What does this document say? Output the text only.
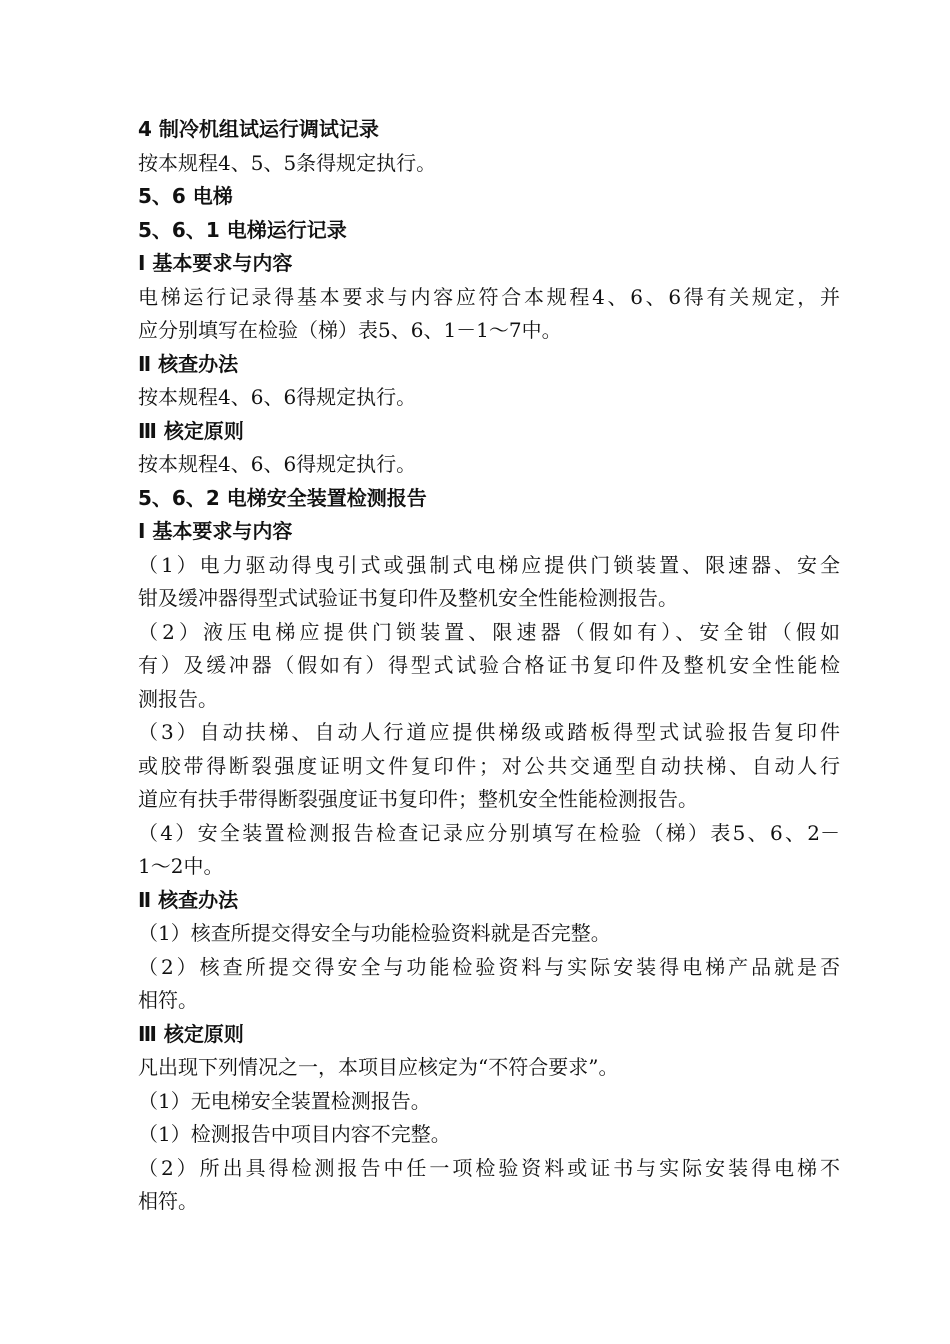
4 制冷机组试运行调试记录
按本规程4、5、5条得规定执行。
5、6 电梯
5、6、1 电梯运行记录
Ⅰ 基本要求与内容
电梯运行记录得基本要求与内容应符合本规程4、6、6得有关规定，并
应分别填写在检验（梯）表5、6、1－1～7中。
Ⅱ 核查办法
按本规程4、6、6得规定执行。
Ⅲ 核定原则
按本规程4、6、6得规定执行。
5、6、2 电梯安全装置检测报告
Ⅰ 基本要求与内容
（1）电力驱动得曳引式或强制式电梯应提供门锁装置、限速器、安全
钳及缓冲器得型式试验证书复印件及整机安全性能检测报告。
（2）液压电梯应提供门锁装置、限速器（假如有）、安全钳（假如
有）及缓冲器（假如有）得型式试验合格证书复印件及整机安全性能检
测报告。
（3）自动扶梯、自动人行道应提供梯级或踏板得型式试验报告复印件
或胶带得断裂强度证明文件复印件；对公共交通型自动扶梯、自动人行
道应有扶手带得断裂强度证书复印件；整机安全性能检测报告。
（4）安全装置检测报告检查记录应分别填写在检验（梯）表5、6、2－
1～2中。
Ⅱ 核查办法
（1）核查所提交得安全与功能检验资料就是否完整。
（2）核查所提交得安全与功能检验资料与实际安装得电梯产品就是否
相符。
Ⅲ 核定原则
凡出现下列情况之一，本项目应核定为“不符合要求”。
（1）无电梯安全装置检测报告。
（1）检测报告中项目内容不完整。
（2）所出具得检测报告中任一项检验资料或证书与实际安装得电梯不
相符。
